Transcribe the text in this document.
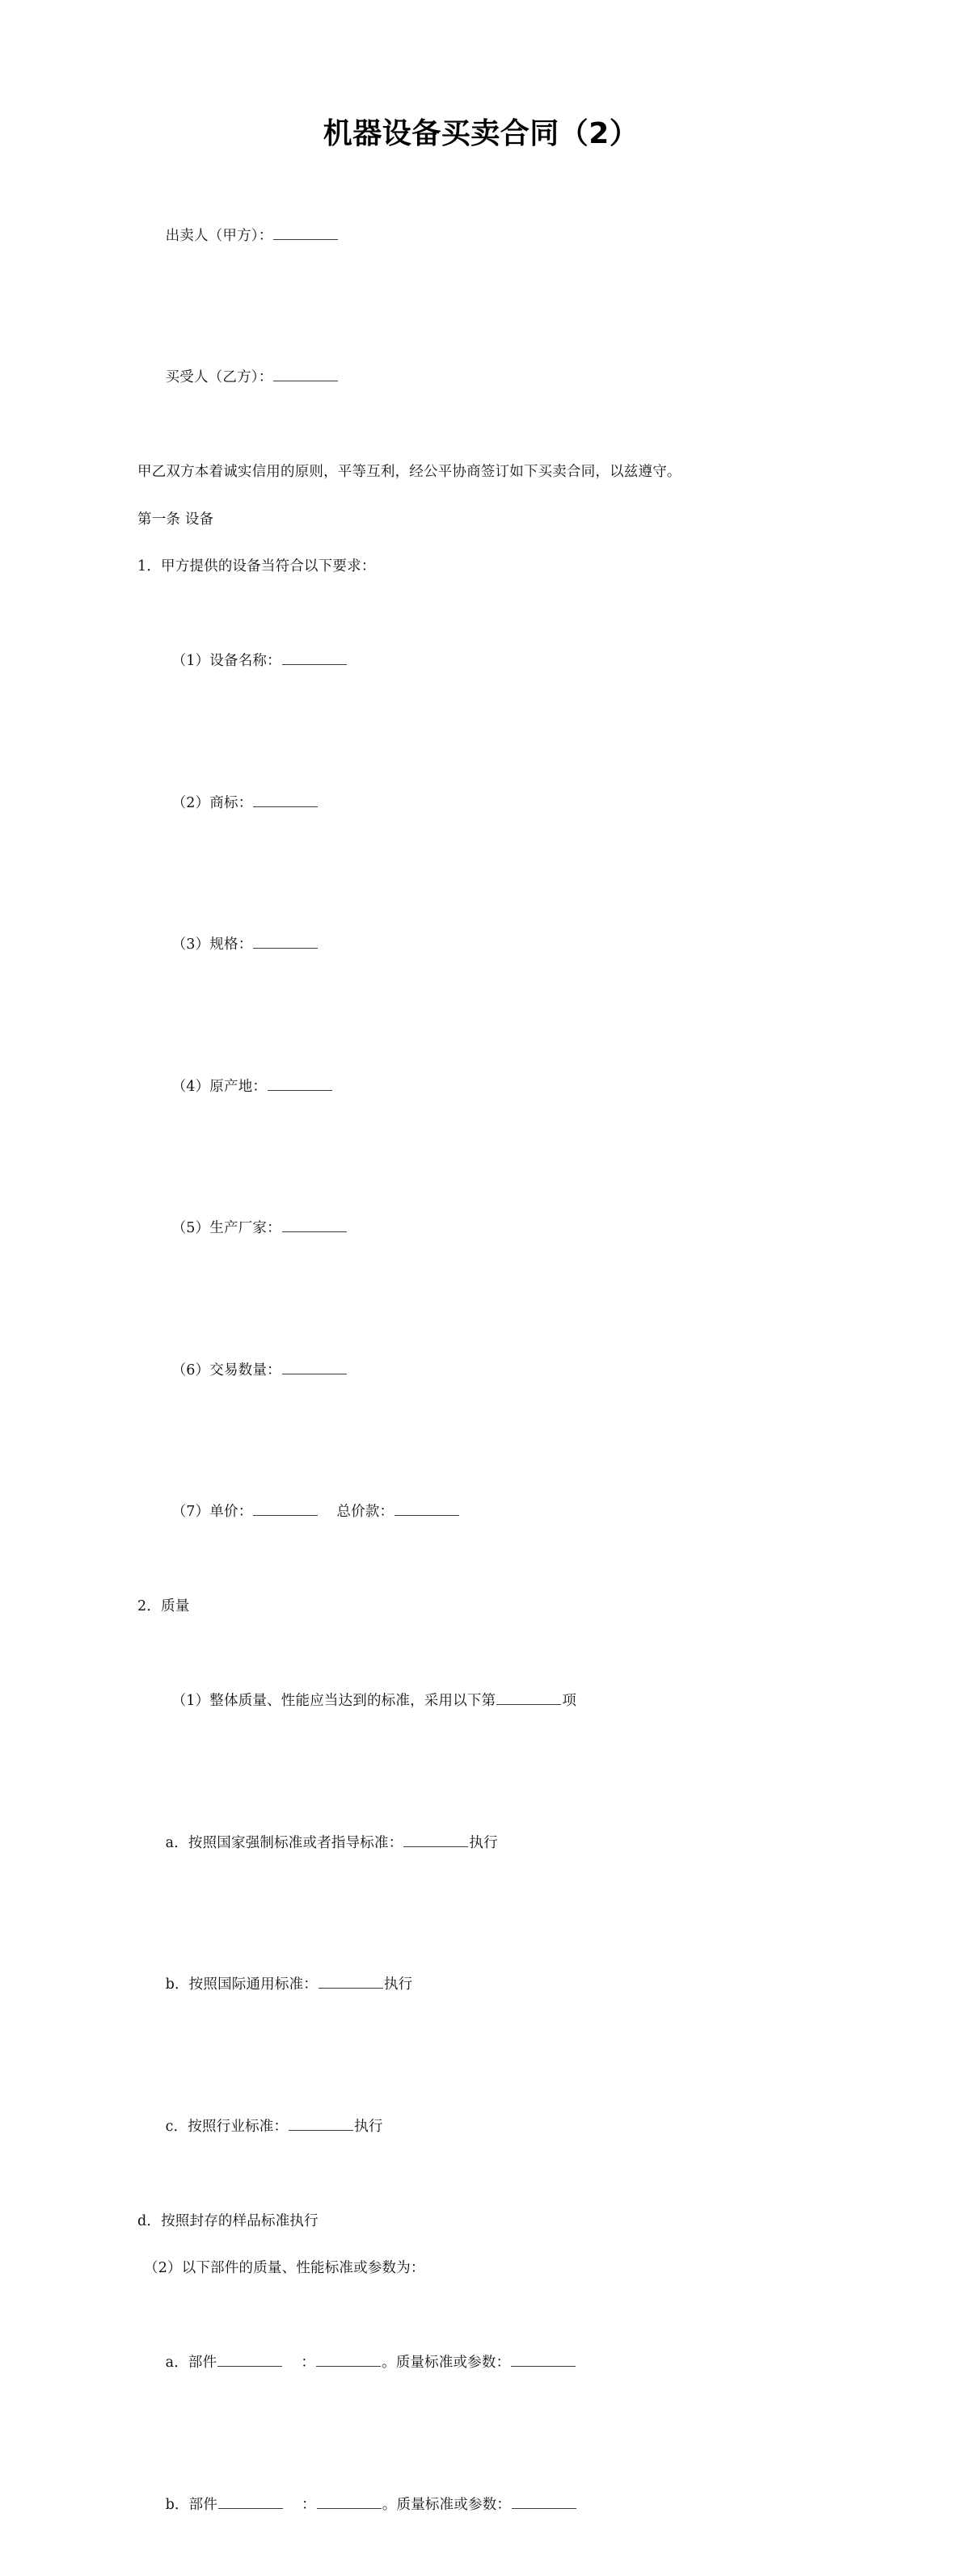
机器设备买卖合同（2）

出卖人（甲方）：

买受人（乙方）：

甲乙双方本着诚实信用的原则，平等互利，经公平协商签订如下买卖合同，以兹遵守。
第一条 设备
1．甲方提供的设备当符合以下要求：

（1）设备名称：

（2）商标：

（3）规格：

（4）原产地：

（5）生产厂家：

（6）交易数量：

（7）单价：	总价款：

2．质量

（1）整体质量、性能应当达到的标准，采用以下第	项

a．按照国家强制标准或者指导标准：	执行

b．按照国际通用标准：	执行

c．按照行业标准：	执行

d．按照封存的样品标准执行
（2）以下部件的质量、性能标准或参数为：

a．部件	：	。质量标准或参数：

b．部件	：	。质量标准或参数：
